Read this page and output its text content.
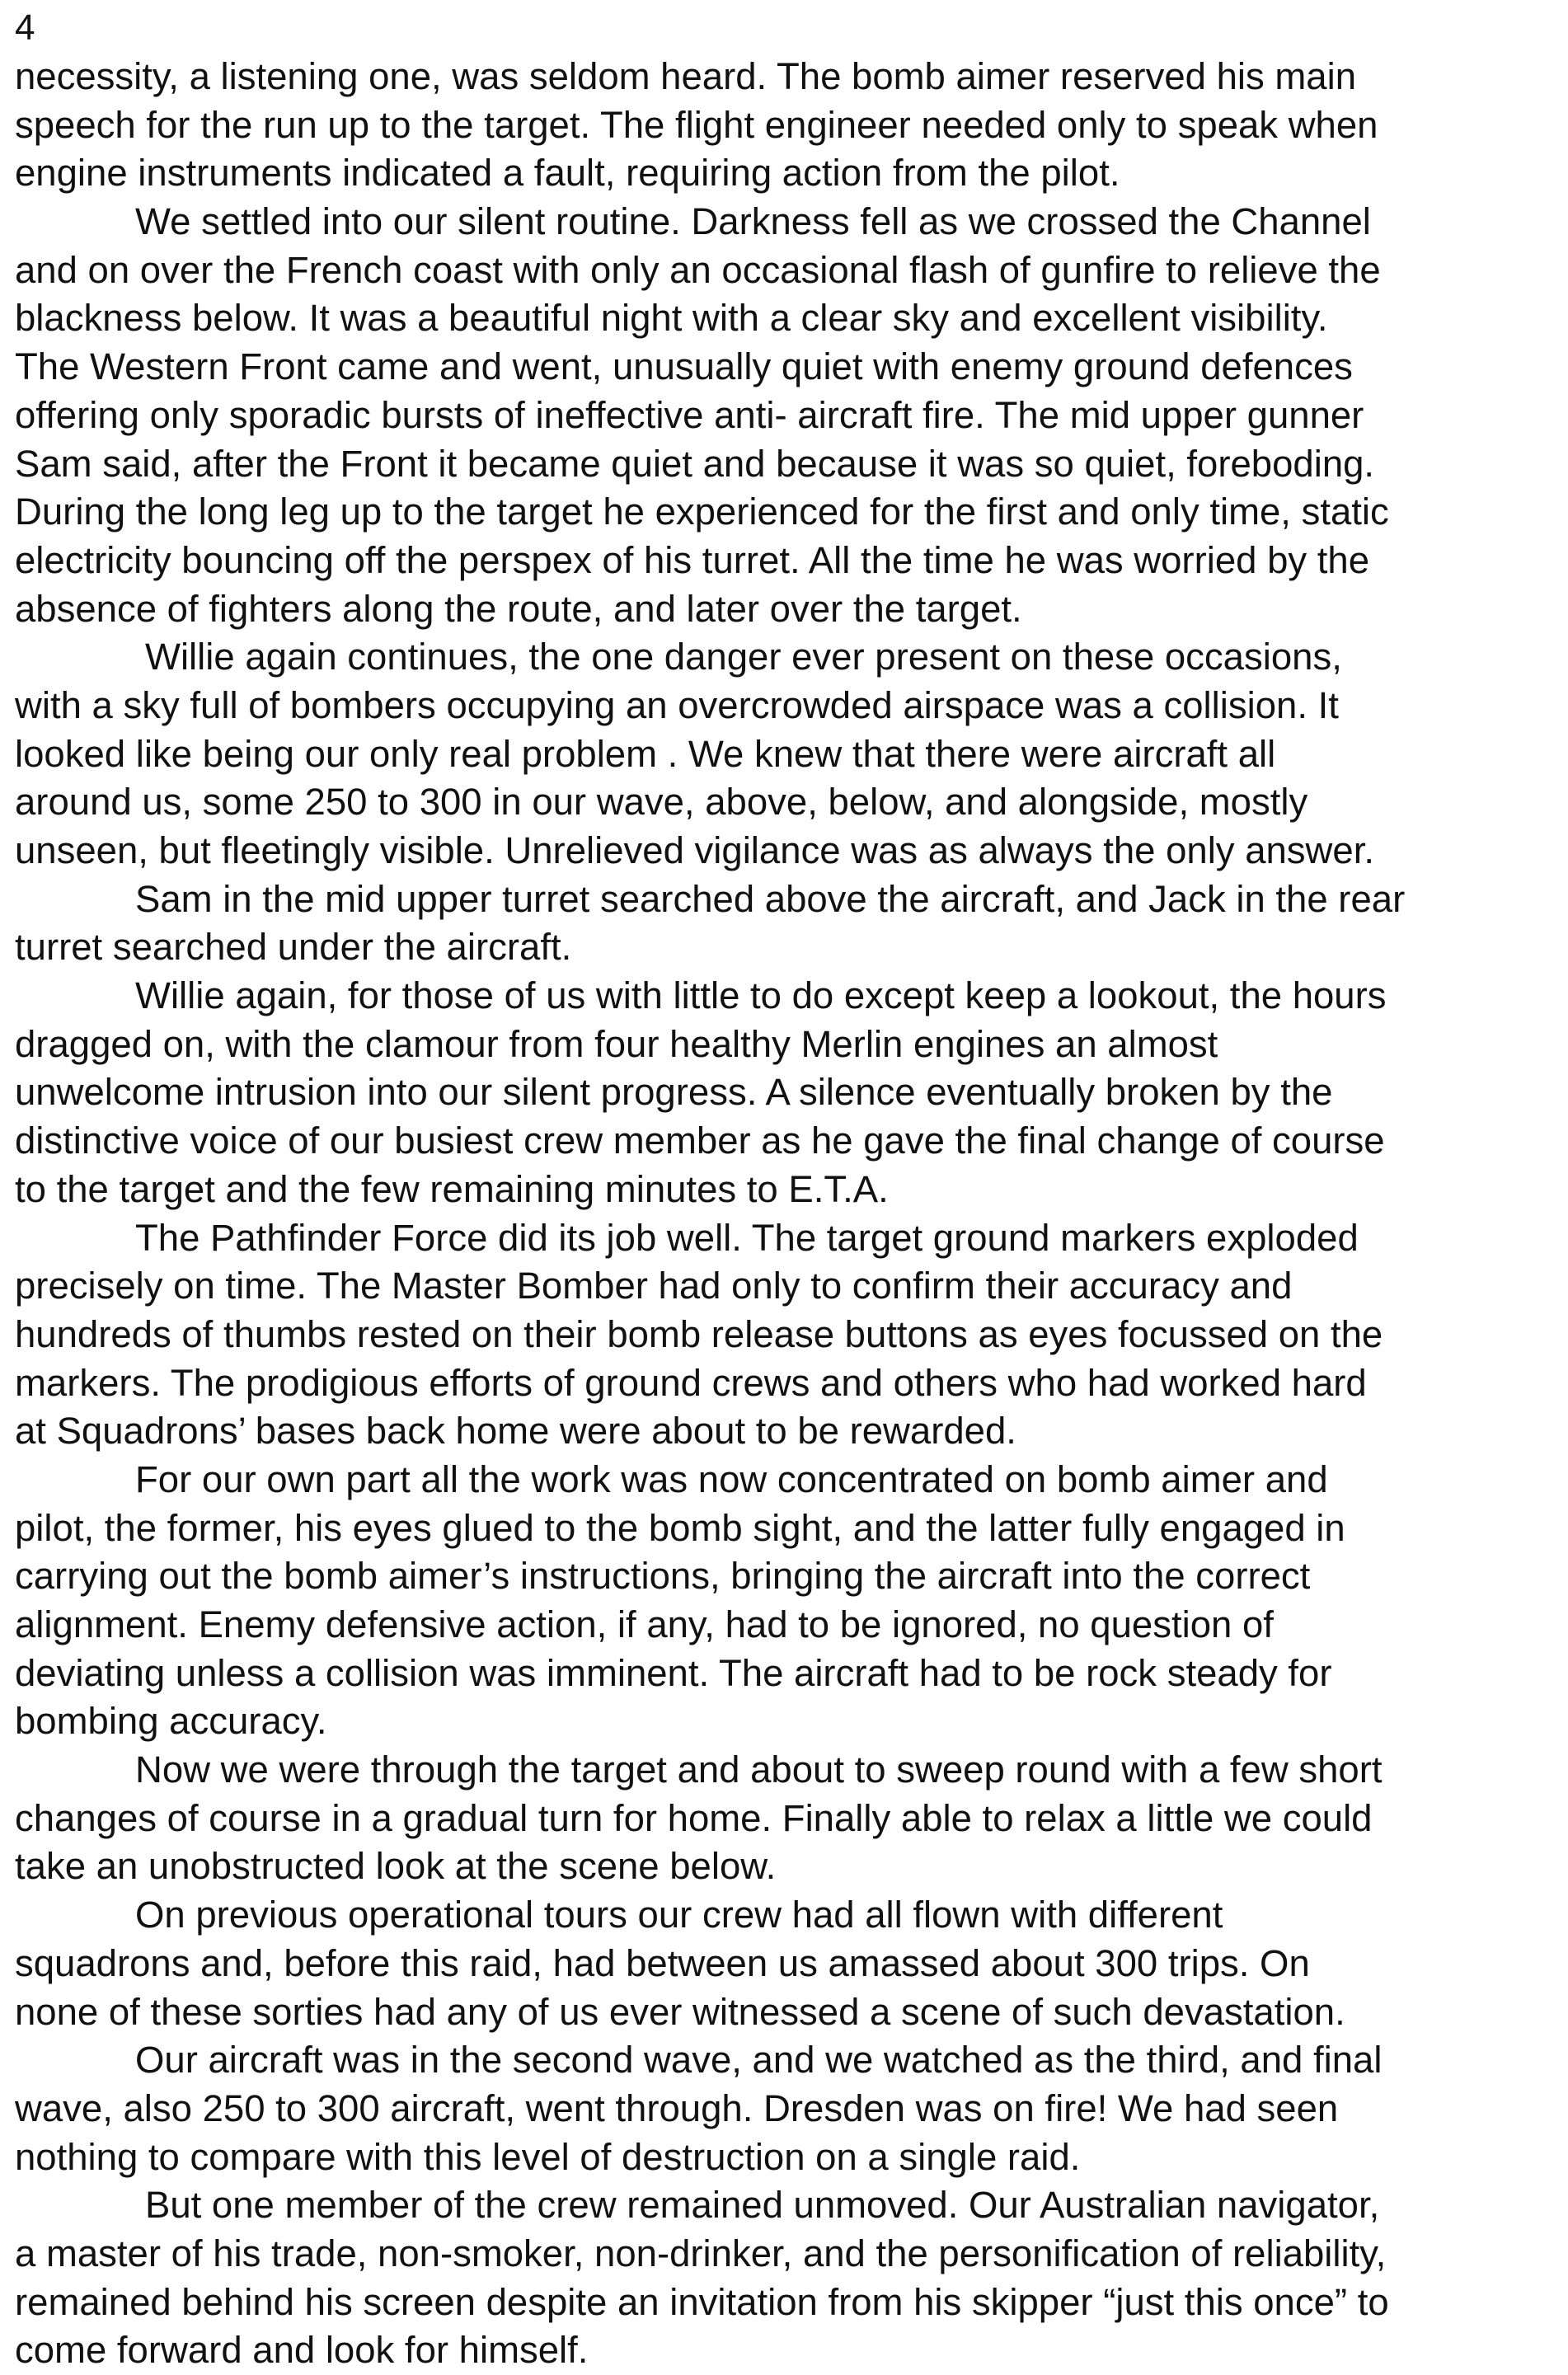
4
necessity, a listening one, was seldom heard. The bomb aimer reserved his main
speech for the run up to the target. The flight engineer needed only to speak when
engine instruments indicated a fault, requiring action from the pilot.
We settled into our silent routine. Darkness fell as we crossed the Channel
and on over the French coast with only an occasional flash of gunfire to relieve the
blackness below. It was a beautiful night with a clear sky and excellent visibility.
The Western Front came and went, unusually quiet with enemy ground defences
offering only sporadic bursts of ineffective anti- aircraft fire. The mid upper gunner
Sam said, after the Front it became quiet and because it was so quiet, foreboding.
During the long leg up to the target he experienced for the first and only time, static
electricity bouncing off the perspex of his turret. All the time he was worried by the
absence of fighters along the route, and later over the target.
Willie again continues, the one danger ever present on these occasions,
with a sky full of bombers occupying an overcrowded airspace was a collision. It
looked like being our only real problem . We knew that there were aircraft all
around us, some 250 to 300 in our wave, above, below, and alongside, mostly
unseen, but fleetingly visible. Unrelieved vigilance was as always the only answer.
Sam in the mid upper turret searched above the aircraft, and Jack in the rear
turret searched under the aircraft.
Willie again, for those of us with little to do except keep a lookout, the hours
dragged on, with the clamour from four healthy Merlin engines an almost
unwelcome intrusion into our silent progress. A silence eventually broken by the
distinctive voice of our busiest crew member as he gave the final change of course
to the target and the few remaining minutes to E.T.A.
The Pathfinder Force did its job well. The target ground markers exploded
precisely on time. The Master Bomber had only to confirm their accuracy and
hundreds of thumbs rested on their bomb release buttons as eyes focussed on the
markers. The prodigious efforts of ground crews and others who had worked hard
at Squadrons’ bases back home were about to be rewarded.
For our own part all the work was now concentrated on bomb aimer and
pilot, the former, his eyes glued to the bomb sight, and the latter fully engaged in
carrying out the bomb aimer’s instructions, bringing the aircraft into the correct
alignment. Enemy defensive action, if any, had to be ignored, no question of
deviating unless a collision was imminent. The aircraft had to be rock steady for
bombing accuracy.
Now we were through the target and about to sweep round with a few short
changes of course in a gradual turn for home. Finally able to relax a little we could
take an unobstructed look at the scene below.
On previous operational tours our crew had all flown with different
squadrons and, before this raid, had between us amassed about 300 trips. On
none of these sorties had any of us ever witnessed a scene of such devastation.
Our aircraft was in the second wave, and we watched as the third, and final
wave, also 250 to 300 aircraft, went through. Dresden was on fire! We had seen
nothing to compare with this level of destruction on a single raid.
But one member of the crew remained unmoved. Our Australian navigator,
a master of his trade, non-smoker, non-drinker, and the personification of reliability,
remained behind his screen despite an invitation from his skipper “just this once” to
come forward and look for himself.
